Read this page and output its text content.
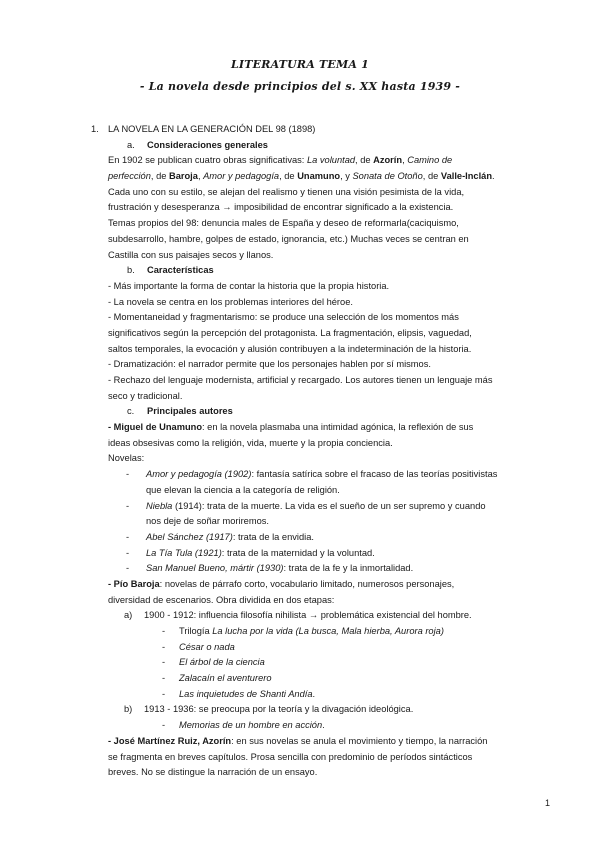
LITERATURA TEMA 1
- La novela desde principios del s. XX hasta 1939 -
1. LA NOVELA EN LA GENERACIÓN DEL 98 (1898)
a. Consideraciones generales
En 1902 se publican cuatro obras significativas: La voluntad, de Azorín, Camino de
perfección, de Baroja, Amor y pedagogía, de Unamuno, y Sonata de Otoño, de Valle-Inclán.
Cada uno con su estilo, se alejan del realismo y tienen una visión pesimista de la vida,
frustración y desesperanza → imposibilidad de encontrar significado a la existencia.
Temas propios del 98: denuncia males de España y deseo de reformarla(caciquismo,
subdesarrollo, hambre, golpes de estado, ignorancia, etc.) Muchas veces se centran en
Castilla con sus paisajes secos y llanos.
b. Características
- Más importante la forma de contar la historia que la propia historia.
- La novela se centra en los problemas interiores del héroe.
- Momentaneidad y fragmentarismo: se produce una selección de los momentos más
significativos según la percepción del protagonista. La fragmentación, elipsis, vaguedad,
saltos temporales, la evocación y alusión contribuyen a la indeterminación de la historia.
- Dramatización: el narrador permite que los personajes hablen por sí mismos.
- Rechazo del lenguaje modernista, artificial y recargado. Los autores tienen un lenguaje más
seco y tradicional.
c. Principales autores
- Miguel de Unamuno: en la novela plasmaba una intimidad agónica, la reflexión de sus
ideas obsesivas como la religión, vida, muerte y la propia conciencia.
Novelas:
- Amor y pedagogía (1902): fantasía satírica sobre el fracaso de las teorías positivistas
que elevan la ciencia a la categoría de religión.
- Niebla (1914): trata de la muerte. La vida es el sueño de un ser supremo y cuando
nos deje de soñar moriremos.
- Abel Sánchez (1917): trata de la envidia.
- La Tía Tula (1921): trata de la maternidad y la voluntad.
- San Manuel Bueno, mártir (1930): trata de la fe y la inmortalidad.
- Pío Baroja: novelas de párrafo corto, vocabulario limitado, numerosos personajes,
diversidad de escenarios. Obra dividida en dos etapas:
a) 1900 - 1912: influencia filosofía nihilista → problemática existencial del hombre.
- Trilogía La lucha por la vida (La busca, Mala hierba, Aurora roja)
- César o nada
- El árbol de la ciencia
- Zalacaín el aventurero
- Las inquietudes de Shanti Andía.
b) 1913 - 1936: se preocupa por la teoría y la divagación ideológica.
- Memorias de un hombre en acción.
- José Martínez Ruiz, Azorín: en sus novelas se anula el movimiento y tiempo, la narración
se fragmenta en breves capítulos. Prosa sencilla con predominio de períodos sintácticos
breves. No se distingue la narración de un ensayo.
1
